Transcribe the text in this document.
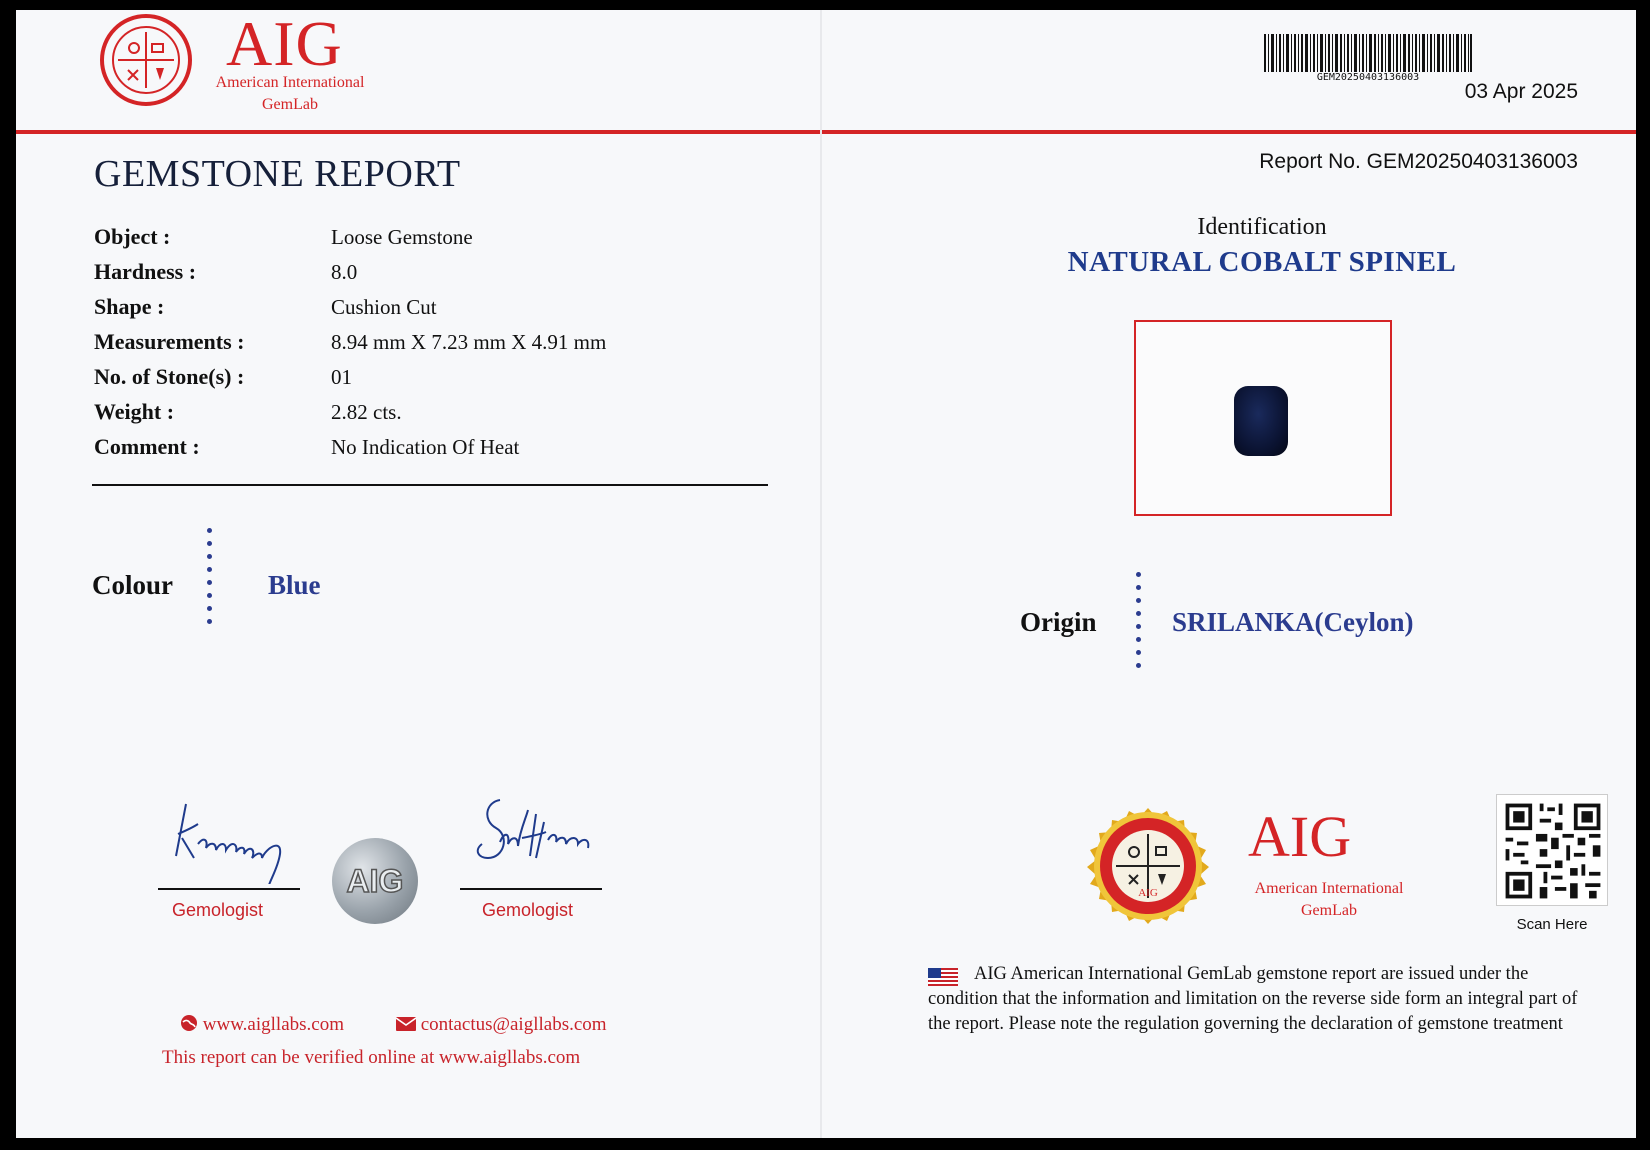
AIG
American International
GemLab
GEM20250403136003
03 Apr 2025
GEMSTONE REPORT
Object :	Loose Gemstone
Hardness :	8.0
Shape :	Cushion Cut
Measurements :	8.94 mm X 7.23 mm X 4.91 mm
No. of Stone(s) :	01
Weight :	2.82 cts.
Comment :	No Indication Of Heat
Colour	Blue
Gemologist
AIG
Gemologist
www.aigllabs.com	contactus@aigllabs.com
This report can be verified online at www.aigllabs.com
Report No. GEM20250403136003
Identification
NATURAL COBALT SPINEL
Origin	SRILANKA(Ceylon)
AIG
AIG
American International
GemLab
Scan Here
AIG American International GemLab gemstone report are issued under the condition that the information and limitation on the reverse side form an integral part of the report. Please note the regulation governing the declaration of gemstone treatment
